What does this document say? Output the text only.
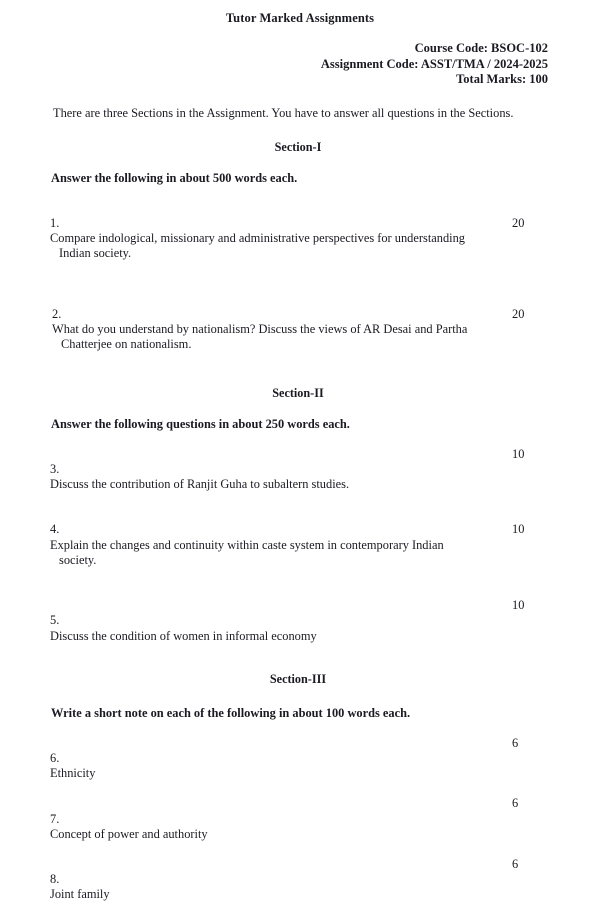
Tutor Marked Assignments
Course Code: BSOC-102
Assignment Code: ASST/TMA / 2024-2025
Total Marks: 100
There are three Sections in the Assignment. You have to answer all questions in the Sections.
Section-I
Answer the following in about 500 words each.

1.
Compare indological, missionary and administrative perspectives for understanding

Indian society.

20

2.
What do you understand by nationalism? Discuss the views of AR Desai and Partha

Chatterjee on nationalism.

20
Section-II
Answer the following questions in about 250 words each.

3.
Discuss the contribution of Ranjit Guha to subaltern studies.

10

4.
Explain the changes and continuity within caste system in contemporary Indian

society.

10

5.
Discuss the condition of women in informal economy

10
Section-III
Write a short note on each of the following in about 100 words each.

6.
Ethnicity

6

7.
Concept of power and authority

6

8.
Joint family

6
